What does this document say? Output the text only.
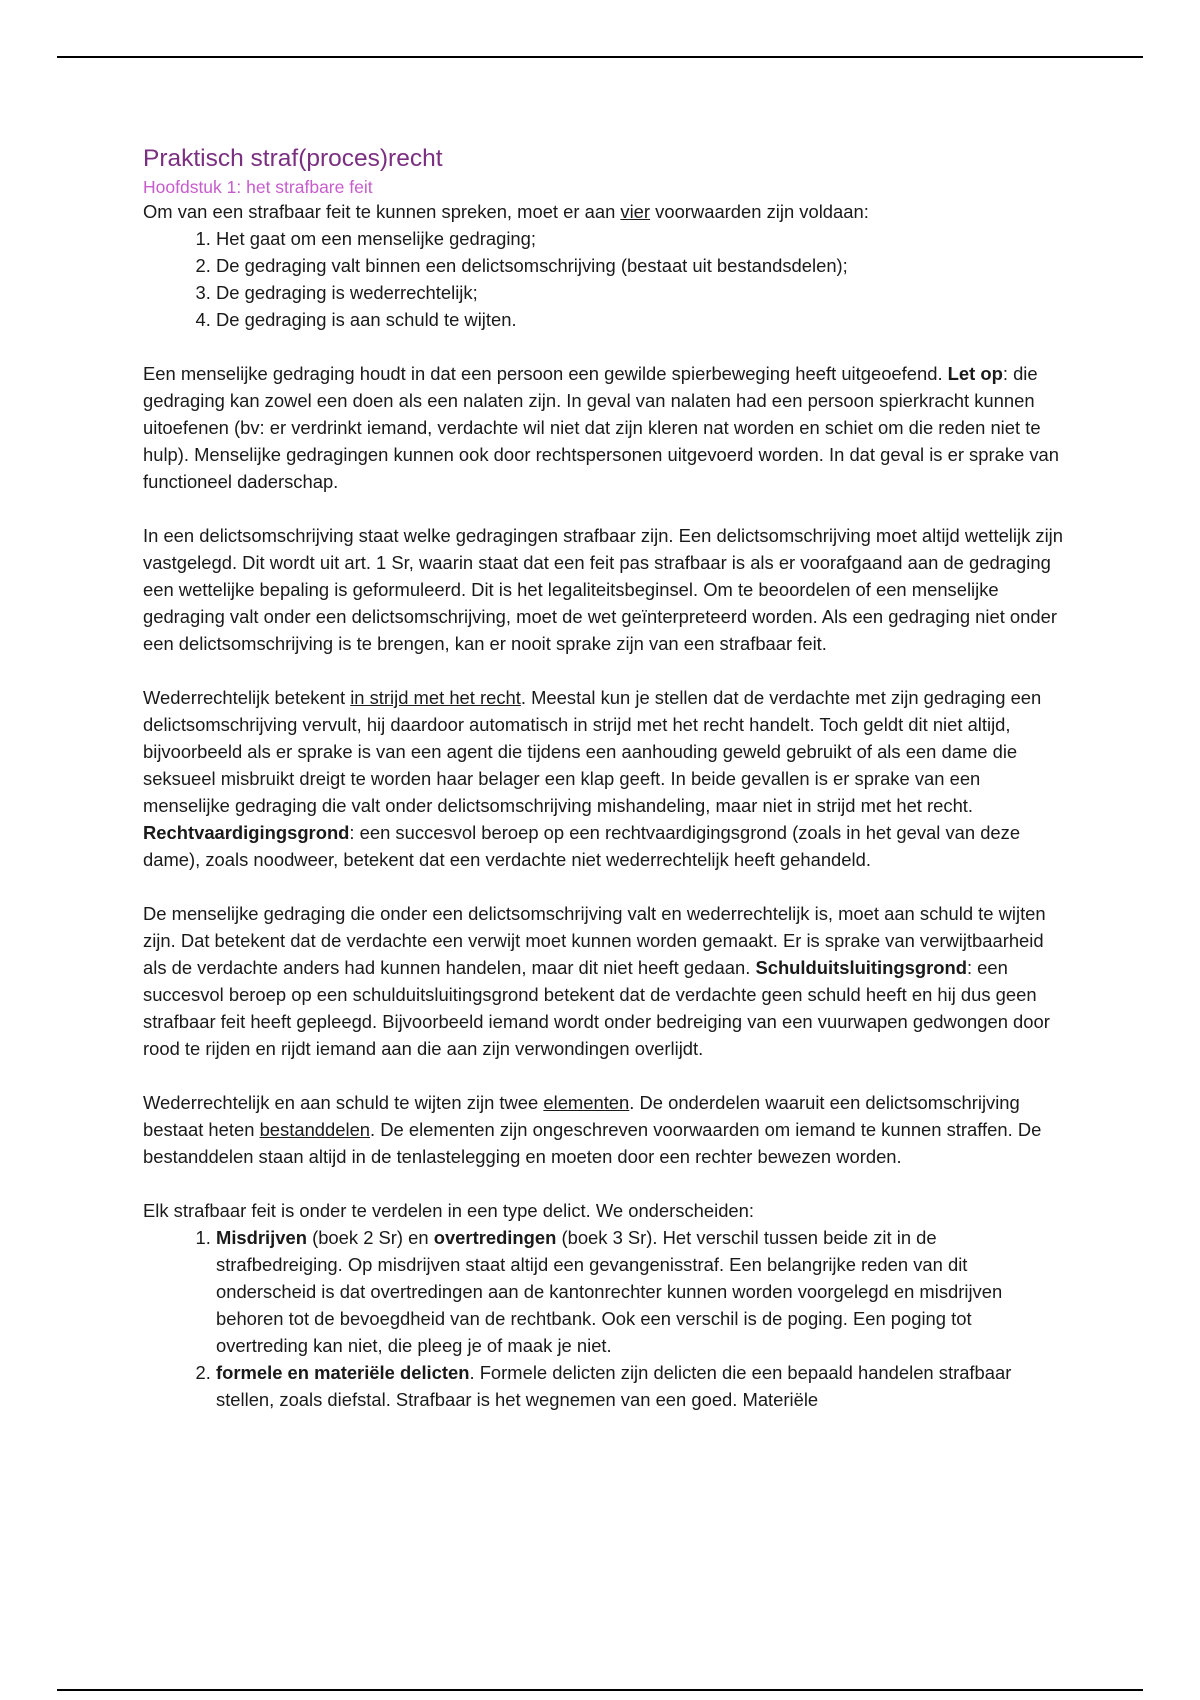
Praktisch straf(proces)recht
Hoofdstuk 1: het strafbare feit

Om van een strafbaar feit te kunnen spreken, moet er aan vier voorwaarden zijn voldaan:

1. Het gaat om een menselijke gedraging;
2. De gedraging valt binnen een delictsomschrijving (bestaat uit bestandsdelen);
3. De gedraging is wederrechtelijk;
4. De gedraging is aan schuld te wijten.

Een menselijke gedraging houdt in dat een persoon een gewilde spierbeweging heeft uitgeoefend. Let op: die gedraging kan zowel een doen als een nalaten zijn. In geval van nalaten had een persoon spierkracht kunnen uitoefenen (bv: er verdrinkt iemand, verdachte wil niet dat zijn kleren nat worden en schiet om die reden niet te hulp). Menselijke gedragingen kunnen ook door rechtspersonen uitgevoerd worden. In dat geval is er sprake van functioneel daderschap.

In een delictsomschrijving staat welke gedragingen strafbaar zijn. Een delictsomschrijving moet altijd wettelijk zijn vastgelegd. Dit wordt uit art. 1 Sr, waarin staat dat een feit pas strafbaar is als er voorafgaand aan de gedraging een wettelijke bepaling is geformuleerd. Dit is het legaliteitsbeginsel. Om te beoordelen of een menselijke gedraging valt onder een delictsomschrijving, moet de wet geïnterpreteerd worden. Als een gedraging niet onder een delictsomschrijving is te brengen, kan er nooit sprake zijn van een strafbaar feit.

Wederrechtelijk betekent in strijd met het recht. Meestal kun je stellen dat de verdachte met zijn gedraging een delictsomschrijving vervult, hij daardoor automatisch in strijd met het recht handelt. Toch geldt dit niet altijd, bijvoorbeeld als er sprake is van een agent die tijdens een aanhouding geweld gebruikt of als een dame die seksueel misbruikt dreigt te worden haar belager een klap geeft. In beide gevallen is er sprake van een menselijke gedraging die valt onder delictsomschrijving mishandeling, maar niet in strijd met het recht. Rechtvaardigingsgrond: een succesvol beroep op een rechtvaardigingsgrond (zoals in het geval van deze dame), zoals noodweer, betekent dat een verdachte niet wederrechtelijk heeft gehandeld.

De menselijke gedraging die onder een delictsomschrijving valt en wederrechtelijk is, moet aan schuld te wijten zijn. Dat betekent dat de verdachte een verwijt moet kunnen worden gemaakt. Er is sprake van verwijtbaarheid als de verdachte anders had kunnen handelen, maar dit niet heeft gedaan. Schulduitsluitingsgrond: een succesvol beroep op een schulduitsluitingsgrond betekent dat de verdachte geen schuld heeft en hij dus geen strafbaar feit heeft gepleegd. Bijvoorbeeld iemand wordt onder bedreiging van een vuurwapen gedwongen door rood te rijden en rijdt iemand aan die aan zijn verwondingen overlijdt.

Wederrechtelijk en aan schuld te wijten zijn twee elementen. De onderdelen waaruit een delictsomschrijving bestaat heten bestanddelen. De elementen zijn ongeschreven voorwaarden om iemand te kunnen straffen. De bestanddelen staan altijd in de tenlastelegging en moeten door een rechter bewezen worden.

Elk strafbaar feit is onder te verdelen in een type delict. We onderscheiden:

1. Misdrijven (boek 2 Sr) en overtredingen (boek 3 Sr). Het verschil tussen beide zit in de strafbedreiging. Op misdrijven staat altijd een gevangenisstraf. Een belangrijke reden van dit onderscheid is dat overtredingen aan de kantonrechter kunnen worden voorgelegd en misdrijven behoren tot de bevoegdheid van de rechtbank. Ook een verschil is de poging. Een poging tot overtreding kan niet, die pleeg je of maak je niet.
2. formele en materiële delicten. Formele delicten zijn delicten die een bepaald handelen strafbaar stellen, zoals diefstal. Strafbaar is het wegnemen van een goed. Materiële
